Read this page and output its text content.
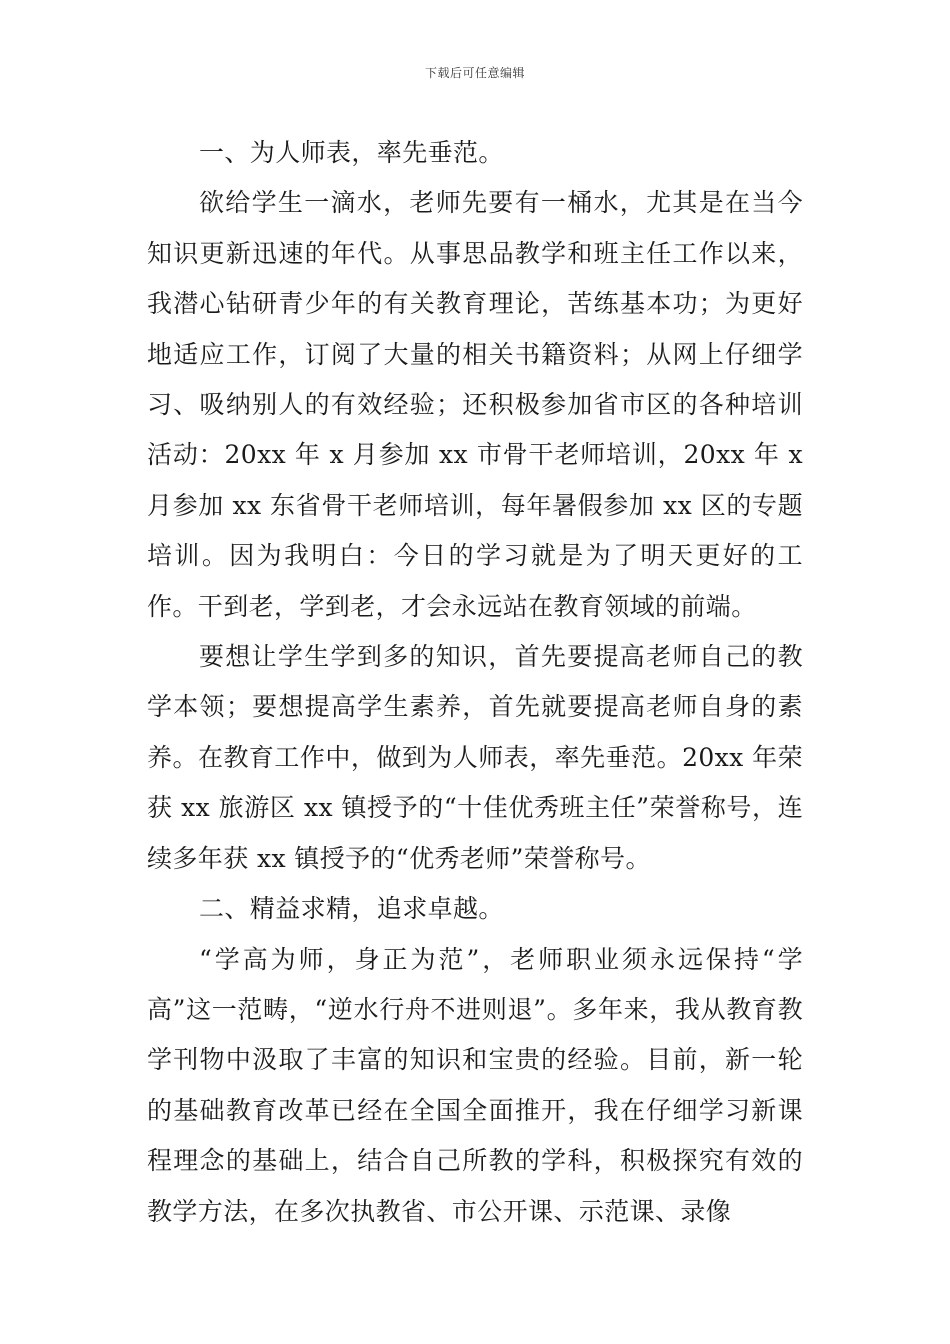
下载后可任意编辑

一、为人师表，率先垂范。

欲给学生一滴水，老师先要有一桶水，尤其是在当今知识更新迅速的年代。从事思品教学和班主任工作以来，我潜心钻研青少年的有关教育理论，苦练基本功；为更好地适应工作，订阅了大量的相关书籍资料；从网上仔细学习、吸纳别人的有效经验；还积极参加省市区的各种培训活动：20xx 年 x 月参加 xx 市骨干老师培训，20xx 年 x 月参加 xx 东省骨干老师培训，每年暑假参加 xx 区的专题培训。因为我明白：今日的学习就是为了明天更好的工作。干到老，学到老，才会永远站在教育领域的前端。

要想让学生学到多的知识，首先要提高老师自己的教学本领；要想提高学生素养，首先就要提高老师自身的素养。在教育工作中，做到为人师表，率先垂范。20xx 年荣获 xx 旅游区 xx 镇授予的“十佳优秀班主任”荣誉称号，连续多年获 xx 镇授予的“优秀老师”荣誉称号。

二、精益求精，追求卓越。

“学高为师，身正为范”，老师职业须永远保持“学高”这一范畴，“逆水行舟不进则退”。多年来，我从教育教学刊物中汲取了丰富的知识和宝贵的经验。目前，新一轮的基础教育改革已经在全国全面推开，我在仔细学习新课程理念的基础上，结合自己所教的学科，积极探究有效的教学方法，在多次执教省、市公开课、示范课、录像
